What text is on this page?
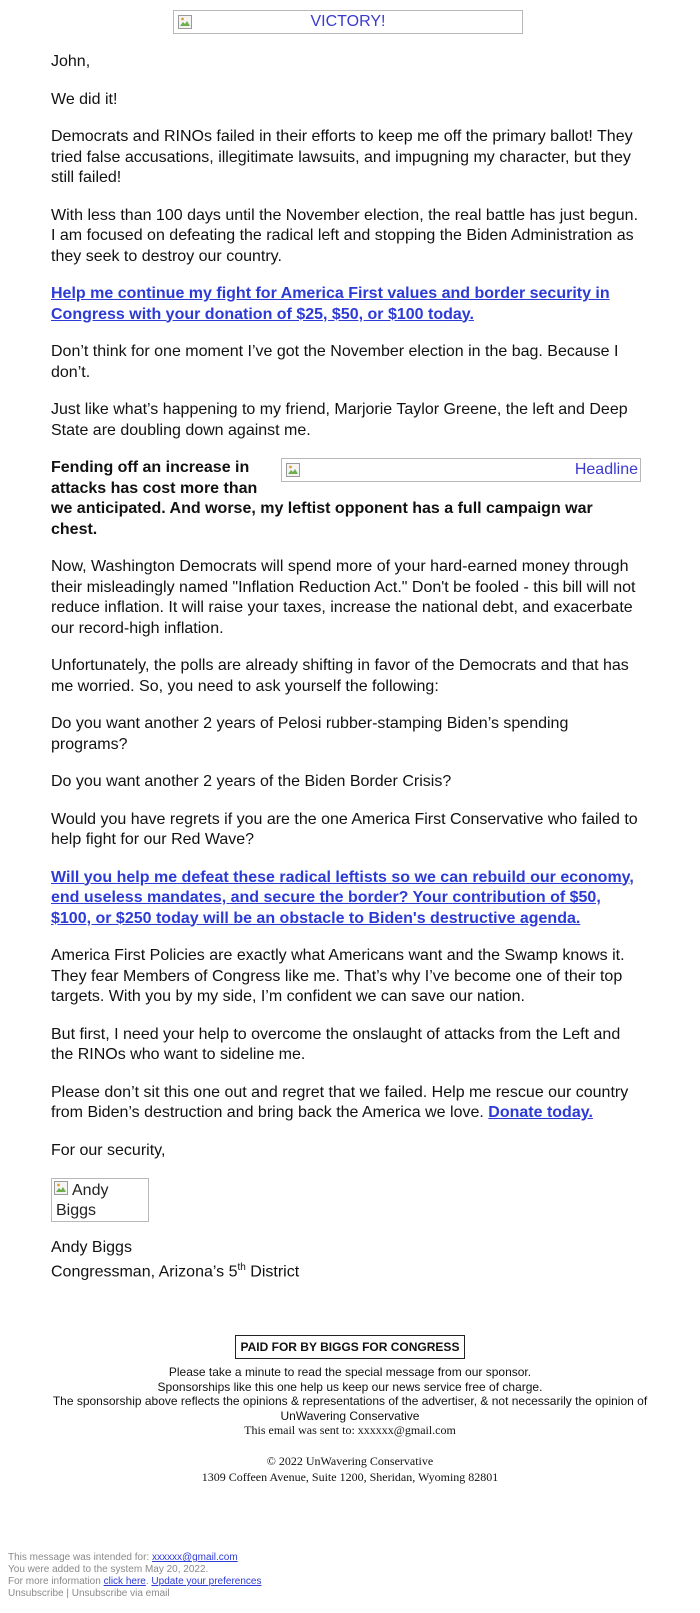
VICTORY!

John,

We did it!

Democrats and RINOs failed in their efforts to keep me off the primary ballot! They tried false accusations, illegitimate lawsuits, and impugning my character, but they still failed!

With less than 100 days until the November election, the real battle has just begun. I am focused on defeating the radical left and stopping the Biden Administration as they seek to destroy our country.

Help me continue my fight for America First values and border security in Congress with your donation of $25, $50, or $100 today.

Don’t think for one moment I’ve got the November election in the bag. Because I don’t.

Just like what’s happening to my friend, Marjorie Taylor Greene, the left and Deep State are doubling down against me.

Headline

Fending off an increase in attacks has cost more than we anticipated. And worse, my leftist opponent has a full campaign war chest.

Now, Washington Democrats will spend more of your hard-earned money through their misleadingly named "Inflation Reduction Act." Don't be fooled - this bill will not reduce inflation. It will raise your taxes, increase the national debt, and exacerbate our record-high inflation.

Unfortunately, the polls are already shifting in favor of the Democrats and that has me worried. So, you need to ask yourself the following:

Do you want another 2 years of Pelosi rubber-stamping Biden’s spending programs?

Do you want another 2 years of the Biden Border Crisis?

Would you have regrets if you are the one America First Conservative who failed to help fight for our Red Wave?

Will you help me defeat these radical leftists so we can rebuild our economy, end useless mandates, and secure the border? Your contribution of $50, $100, or $250 today will be an obstacle to Biden's destructive agenda.

America First Policies are exactly what Americans want and the Swamp knows it. They fear Members of Congress like me. That’s why I’ve become one of their top targets. With you by my side, I’m confident we can save our nation.

But first, I need your help to overcome the onslaught of attacks from the Left and the RINOs who want to sideline me.

Please don’t sit this one out and regret that we failed. Help me rescue our country from Biden’s destruction and bring back the America we love. Donate today.

For our security,

Andy Biggs
Andy Biggs
Congressman, Arizona’s 5th District
PAID FOR BY BIGGS FOR CONGRESS
Please take a minute to read the special message from our sponsor.
Sponsorships like this one help us keep our news service free of charge.
The sponsorship above reflects the opinions & representations of the advertiser, & not necessarily the opinion of UnWavering Conservative
This email was sent to: xxxxxx@gmail.com
© 2022 UnWavering Conservative
1309 Coffeen Avenue, Suite 1200, Sheridan, Wyoming 82801
This message was intended for: xxxxxx@gmail.com
You were added to the system May 20, 2022.
For more information click here. Update your preferences
Unsubscribe | Unsubscribe via email
